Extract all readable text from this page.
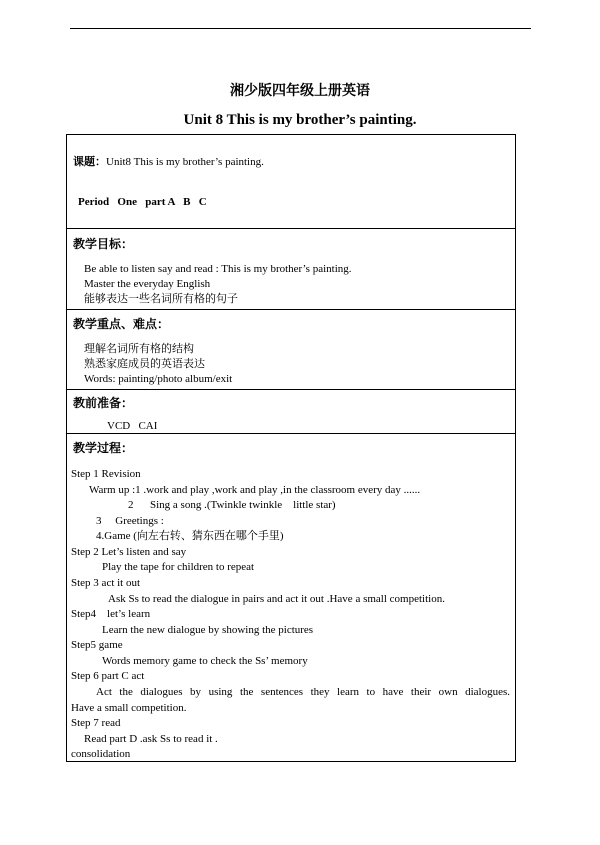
湘少版四年级上册英语
Unit 8 This is my brother’s painting.
课题：Unit8 This is my brother’s painting.
Period   One   part A   B   C
教学目标：
Be able to listen say and read : This is my brother’s painting.
Master the everyday English
能够表达一些名词所有格的句子
教学重点、难点：
理解名词所有格的结构
熟悉家庭成员的英语表达
Words: painting/photo album/exit
教前准备：
VCD   CAI
教学过程：
Step 1 Revision
Warm up :1 .work and play ,work and play ,in the classroom every day ......
2      Sing a song .(Twinkle twinkle    little star)
3     Greetings :
4.Game (向左右转、猜东西在哪个手里)
Step 2 Let’s listen and say
Play the tape for children to repeat
Step 3 act it out
Ask Ss to read the dialogue in pairs and act it out .Have a small competition.
Step4    let’s learn
Learn the new dialogue by showing the pictures
Step5 game
Words memory game to check the Ss’ memory
Step 6 part C act
Act the dialogues by using the sentences they learn to have their own dialogues.
Have a small competition.
Step 7 read
Read part D .ask Ss to read it .
consolidation
